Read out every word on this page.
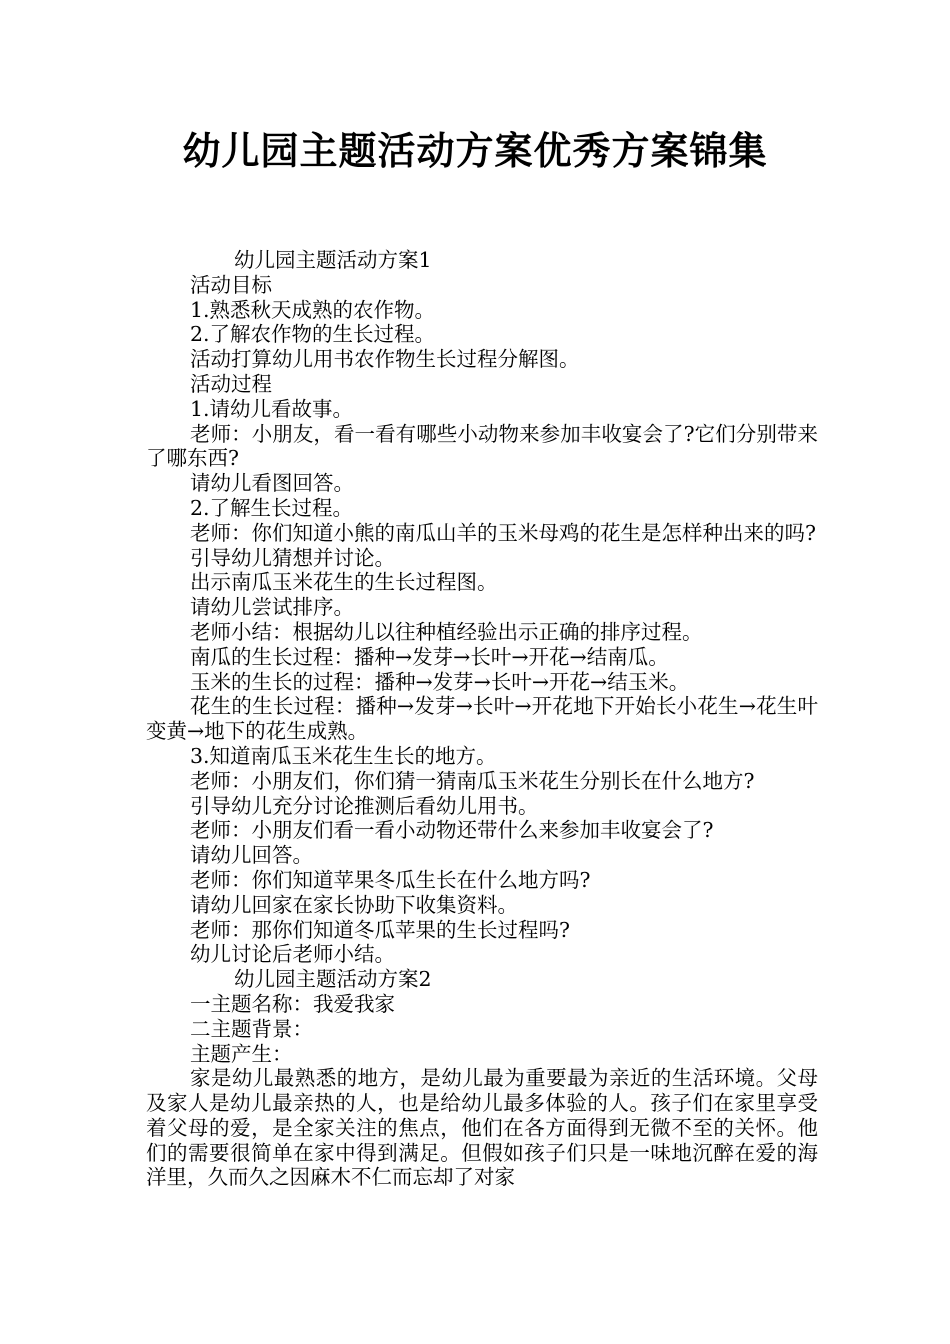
幼儿园主题活动方案优秀方案锦集

幼儿园主题活动方案1

活动目标

1.熟悉秋天成熟的农作物。

2.了解农作物的生长过程。

活动打算幼儿用书农作物生长过程分解图。

活动过程

1.请幼儿看故事。

老师：小朋友，看一看有哪些小动物来参加丰收宴会了?它们分别带来了哪东西?

请幼儿看图回答。

2.了解生长过程。

老师：你们知道小熊的南瓜山羊的玉米母鸡的花生是怎样种出来的吗?

引导幼儿猜想并讨论。

出示南瓜玉米花生的生长过程图。

请幼儿尝试排序。

老师小结：根据幼儿以往种植经验出示正确的排序过程。

南瓜的生长过程：播种→发芽→长叶→开花→结南瓜。

玉米的生长的过程：播种→发芽→长叶→开花→结玉米。

花生的生长过程：播种→发芽→长叶→开花地下开始长小花生→花生叶变黄→地下的花生成熟。

3.知道南瓜玉米花生生长的地方。

老师：小朋友们，你们猜一猜南瓜玉米花生分别长在什么地方?

引导幼儿充分讨论推测后看幼儿用书。

老师：小朋友们看一看小动物还带什么来参加丰收宴会了?

请幼儿回答。

老师：你们知道苹果冬瓜生长在什么地方吗?

请幼儿回家在家长协助下收集资料。

老师：那你们知道冬瓜苹果的生长过程吗?

幼儿讨论后老师小结。

幼儿园主题活动方案2

一主题名称：我爱我家

二主题背景：

主题产生：

家是幼儿最熟悉的地方，是幼儿最为重要最为亲近的生活环境。父母及家人是幼儿最亲热的人，也是给幼儿最多体验的人。孩子们在家里享受着父母的爱，是全家关注的焦点，他们在各方面得到无微不至的关怀。他们的需要很简单在家中得到满足。但假如孩子们只是一味地沉醉在爱的海洋里，久而久之因麻木不仁而忘却了对家
